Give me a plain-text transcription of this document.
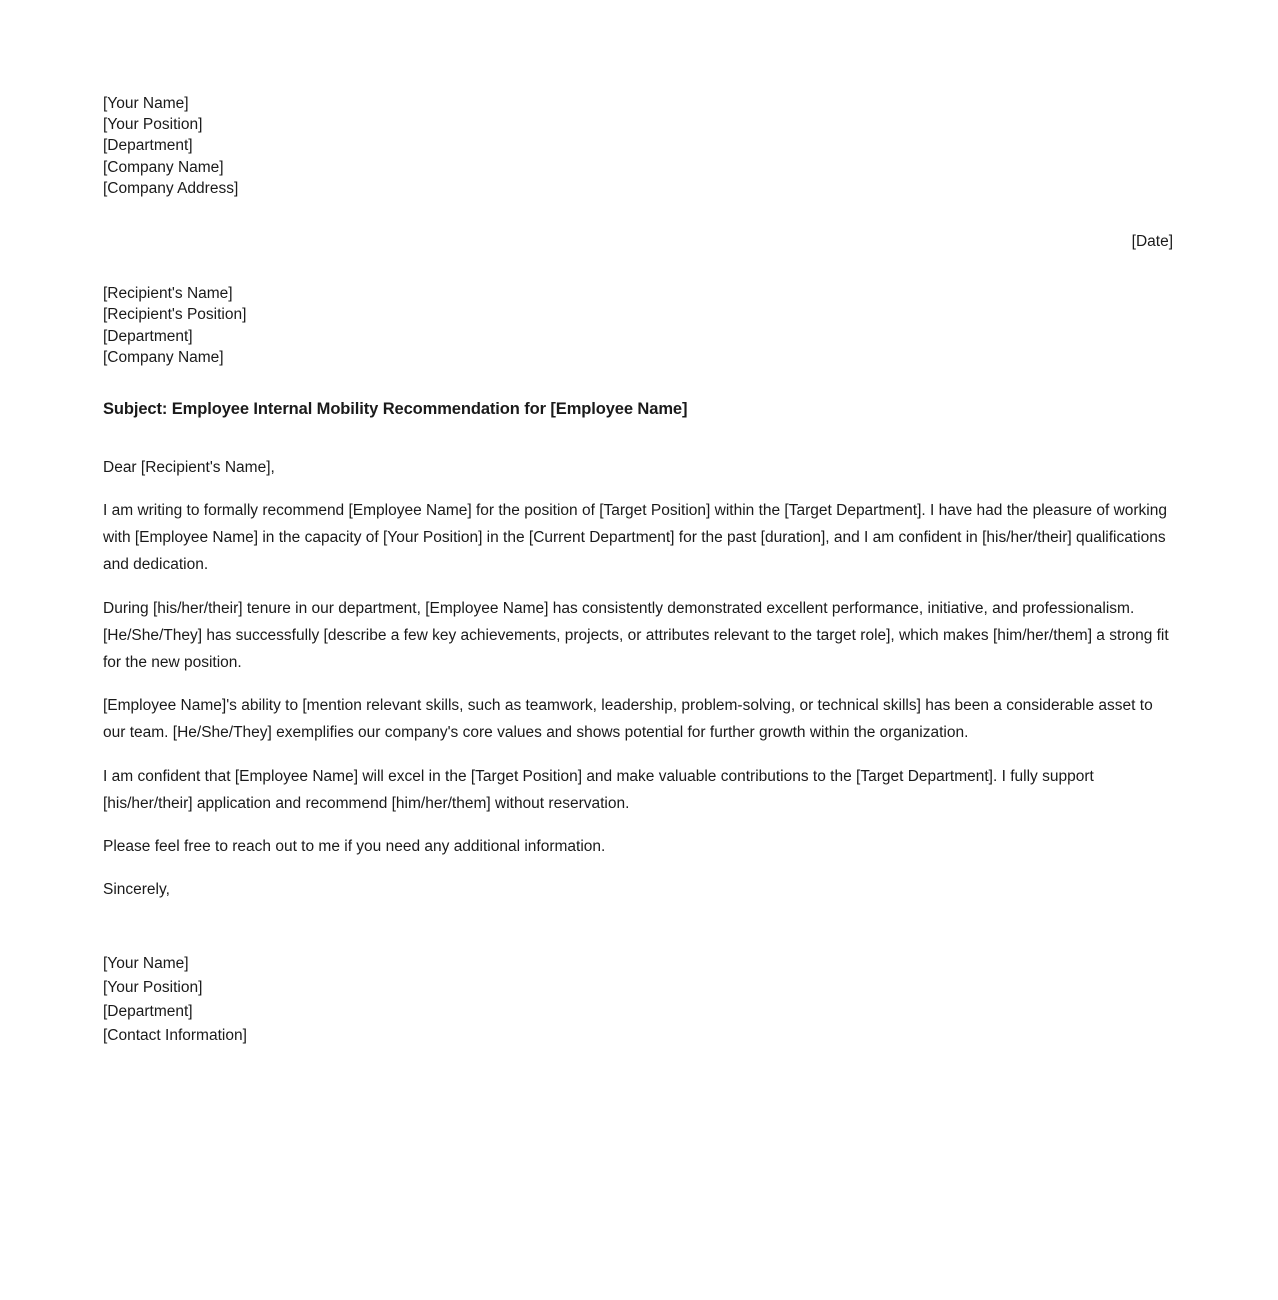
[Your Name]
[Your Position]
[Department]
[Company Name]
[Company Address]
[Date]
[Recipient's Name]
[Recipient's Position]
[Department]
[Company Name]
Subject: Employee Internal Mobility Recommendation for [Employee Name]
Dear [Recipient's Name],

I am writing to formally recommend [Employee Name] for the position of [Target Position] within the [Target Department]. I have had the pleasure of working with [Employee Name] in the capacity of [Your Position] in the [Current Department] for the past [duration], and I am confident in [his/her/their] qualifications and dedication.

During [his/her/their] tenure in our department, [Employee Name] has consistently demonstrated excellent performance, initiative, and professionalism. [He/She/They] has successfully [describe a few key achievements, projects, or attributes relevant to the target role], which makes [him/her/them] a strong fit for the new position.

[Employee Name]'s ability to [mention relevant skills, such as teamwork, leadership, problem-solving, or technical skills] has been a considerable asset to our team. [He/She/They] exemplifies our company's core values and shows potential for further growth within the organization.

I am confident that [Employee Name] will excel in the [Target Position] and make valuable contributions to the [Target Department]. I fully support [his/her/their] application and recommend [him/her/them] without reservation.

Please feel free to reach out to me if you need any additional information.
Sincerely,
[Your Name]
[Your Position]
[Department]
[Contact Information]
